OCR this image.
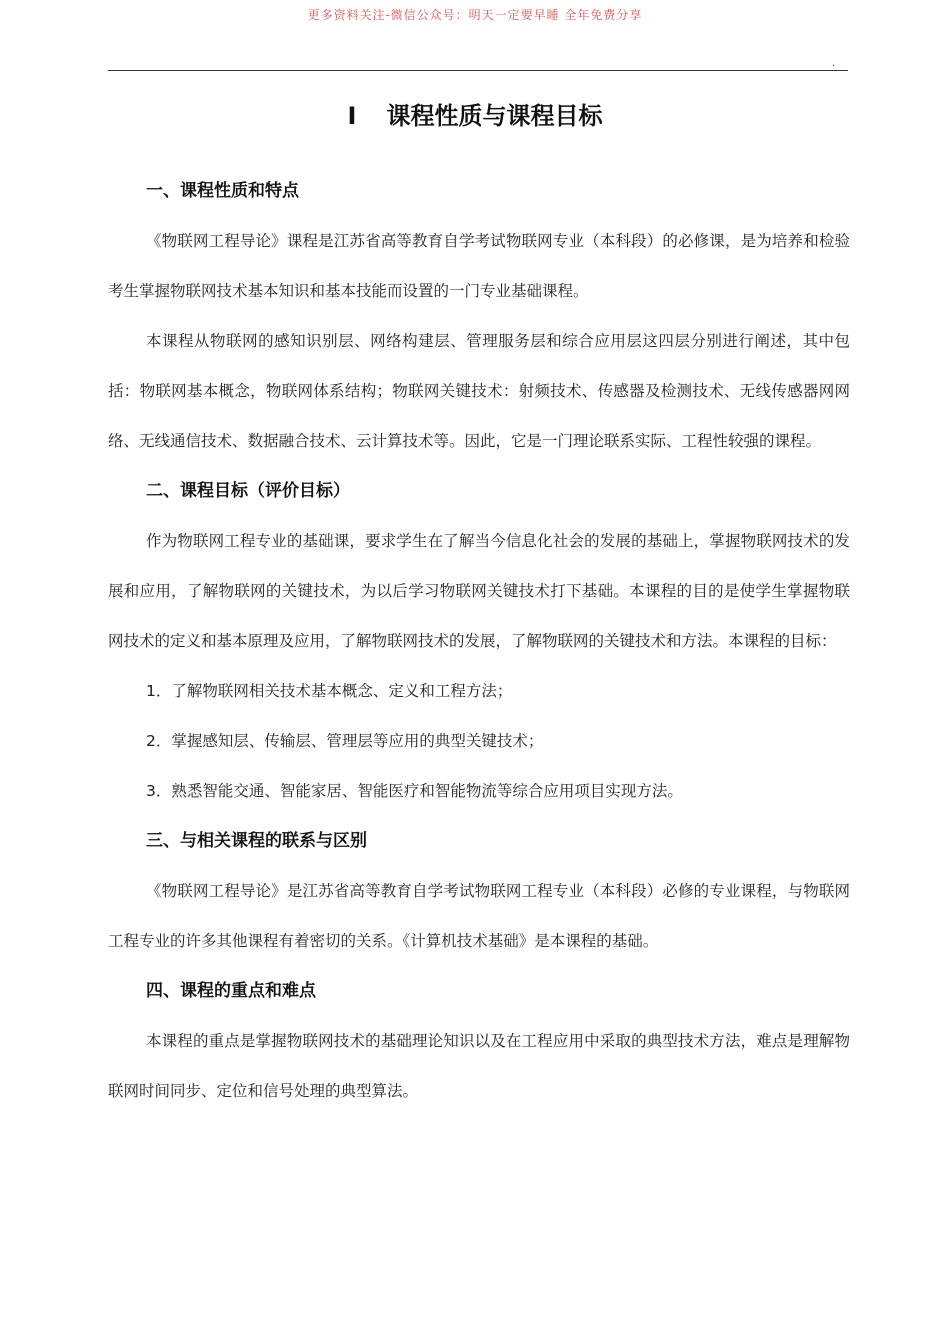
更多资料关注-微信公众号：明天一定要早睡 全年免费分享
.
I 课程性质与课程目标
一、课程性质和特点

《物联网工程导论》课程是江苏省高等教育自学考试物联网专业（本科段）的必修课，是为培养和检验考生掌握物联网技术基本知识和基本技能而设置的一门专业基础课程。

本课程从物联网的感知识别层、网络构建层、管理服务层和综合应用层这四层分别进行阐述，其中包括：物联网基本概念，物联网体系结构；物联网关键技术：射频技术、传感器及检测技术、无线传感器网网络、无线通信技术、数据融合技术、云计算技术等。因此，它是一门理论联系实际、工程性较强的课程。

二、课程目标（评价目标）

作为物联网工程专业的基础课，要求学生在了解当今信息化社会的发展的基础上，掌握物联网技术的发展和应用，了解物联网的关键技术，为以后学习物联网关键技术打下基础。本课程的目的是使学生掌握物联网技术的定义和基本原理及应用，了解物联网技术的发展，了解物联网的关键技术和方法。本课程的目标：

1．了解物联网相关技术基本概念、定义和工程方法；
2．掌握感知层、传输层、管理层等应用的典型关键技术；
3．熟悉智能交通、智能家居、智能医疗和智能物流等综合应用项目实现方法。
三、与相关课程的联系与区别

《物联网工程导论》是江苏省高等教育自学考试物联网工程专业（本科段）必修的专业课程，与物联网工程专业的许多其他课程有着密切的关系。《计算机技术基础》是本课程的基础。

四、课程的重点和难点

本课程的重点是掌握物联网技术的基础理论知识以及在工程应用中采取的典型技术方法，难点是理解物联网时间同步、定位和信号处理的典型算法。
